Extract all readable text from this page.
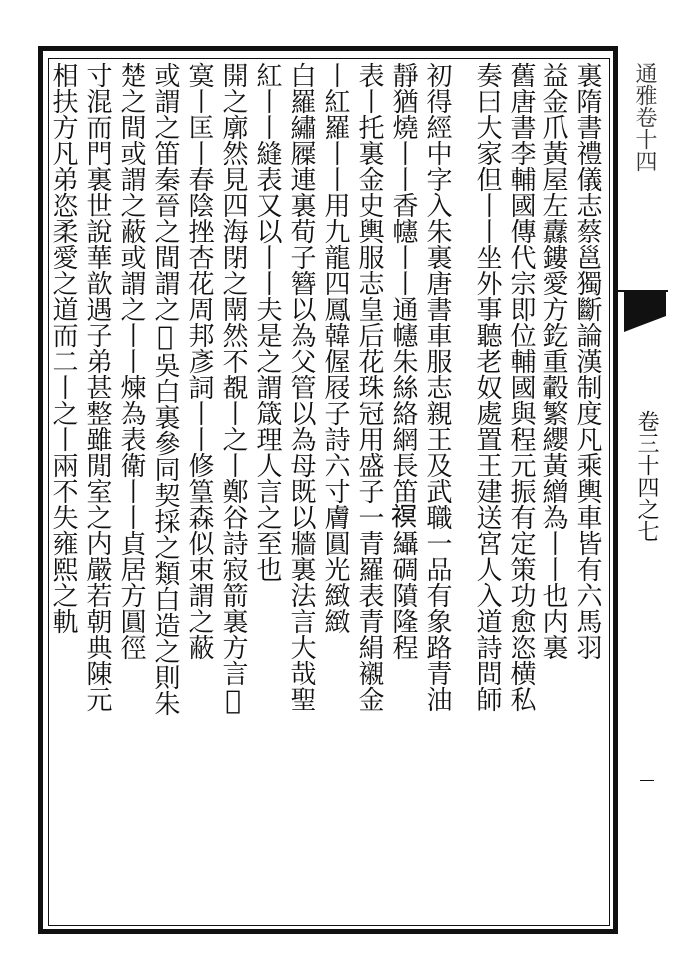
通雅卷十四
卷三十四之七
裏隋書禮儀志蔡邕獨斷論漢制度凡乘輿車皆有六馬羽
舊唐書李輔國傳代宗即位輔國與程元振有定策功愈恣横私
奏曰大家但丨丨坐外事聽老奴處置王建送宮人入道詩問師
初得經中字入朱裏唐書車服志親王及武職一品有象路青油
靜猶燒丨丨香幰丨丨通幰朱絲絡網長笛𧜀䌰碉隫隆程
表丨托裏金史輿服志皇后花珠冠用盛子一青羅表青絹襯金
丨紅羅丨丨用九龍四鳳韓偓屐子詩六寸膚圓光緻緻
白羅繡屧連裏荀子簪以為父管以為母既以牆裏法言大哉聖
紅丨丨縫表又以丨丨夫是之謂箴理人言之至也
開之廓然見四海閉之閛然不覩丨之丨鄭谷詩寂箭裏方言𣚷
寞丨匡丨春陰挫杏花周邦彥詞丨丨修篁森似束謂之蔽
或謂之笛秦晉之間謂之𣚷吳白裏參同契採之類白造之則朱
楚之間或謂之蔽或謂之丨丨煉為表衛丨丨貞居方圓徑
寸混而門裏世說華歆遇子弟甚整雖閒室之内嚴若朝典陳元
相扶方凡弟恣柔愛之道而二丨之丨兩不失雍熙之軌	益金爪黃屋左纛鏤愛方釳重轂繁纓黃繒為丨丨也内裏
